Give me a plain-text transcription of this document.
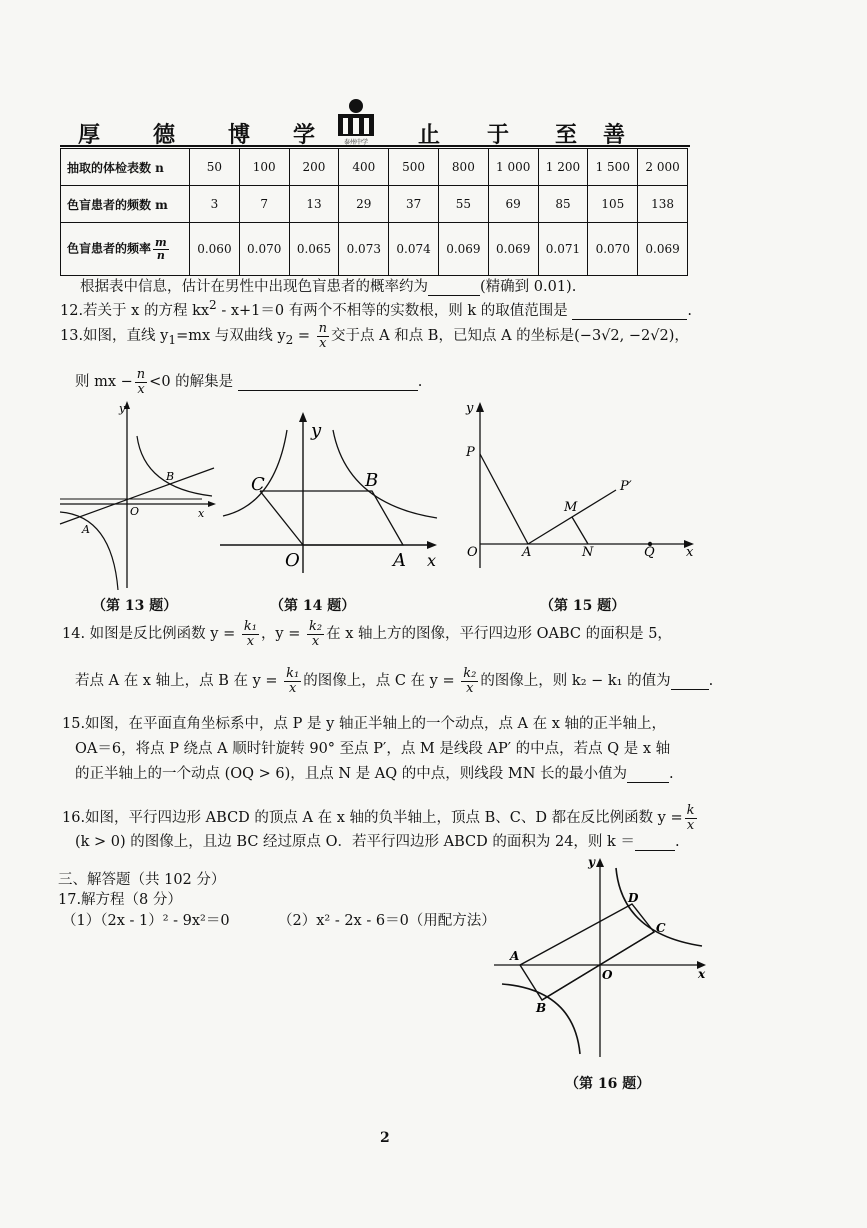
厚 德 博 学	泰州中学 止 于 至 善
抽取的体检表数 n	50	100	200	400	500	800	1 000	1 200	1 500	2 000
色盲患者的频数 m	3	7	13	29	37	55	69	85	105	138
色盲患者的频率 $\frac{m}{n}$	0.060	0.070	0.065	0.073	0.074	0.069	0.069	0.071	0.070	0.069
根据表中信息，估计在男性中出现色盲患者的概率约为	(精确到 0.01).
12.若关于 x 的方程 $kx^2 - x+1=0$ 有两个不相等的实数根，则 k 的取值范围是	.
13.如图，直线 $y_1=mx$ 与双曲线 $y_2 = \frac{n}{x}$ 交于点 A 和点 B，已知点 A 的坐标是(−3√2, −2√2)，
则 mx − $\frac{n}{x} <0$ 的解集是	.
y
x
O
A
B
（第 13 题）
y
x
O	A
B
C
（第 14 题）
y
x
O	A
P
P′
M
N	Q
（第 15 题）
14. 如图是反比例函数 $y = \frac{\text{k₁}}{x}$ ，$y = \frac{\text{k₂}}{x}$ 在 x 轴上方的图像，平行四边形 OABC 的面积是 5，
若点 A 在 x 轴上，点 B 在 $y = \frac{\text{k₁}}{x}$ 的图像上，点 C 在 $y = \frac{\text{k₂}}{x}$ 的图像上，则 k₂ − k₁ 的值为	.
15.如图，在平面直角坐标系中，点 P 是 y 轴正半轴上的一个动点，点 A 在 x 轴的正半轴上，
OA＝6，将点 P 绕点 A 顺时针旋转 90° 至点 P′，点 M 是线段 AP′ 的中点，若点 Q 是 x 轴
的正半轴上的一个动点 (OQ > 6)，且点 N 是 AQ 的中点，则线段 MN 长的最小值为	.
16.如图，平行四边形 ABCD 的顶点 A 在 x 轴的负半轴上，顶点 B、C、D 都在反比例函数 $y = \frac{k}{x}$
(k > 0) 的图像上，且边 BC 经过原点 O．若平行四边形 ABCD 的面积为 24，则 k ＝	.
三、解答题（共 102 分）
17.解方程（8 分）
（1）（2x - 1）² - 9x²＝0	（2）x² - 2x - 6＝0（用配方法）
y
x
O
A
B
C
D
（第 16 题）
2
